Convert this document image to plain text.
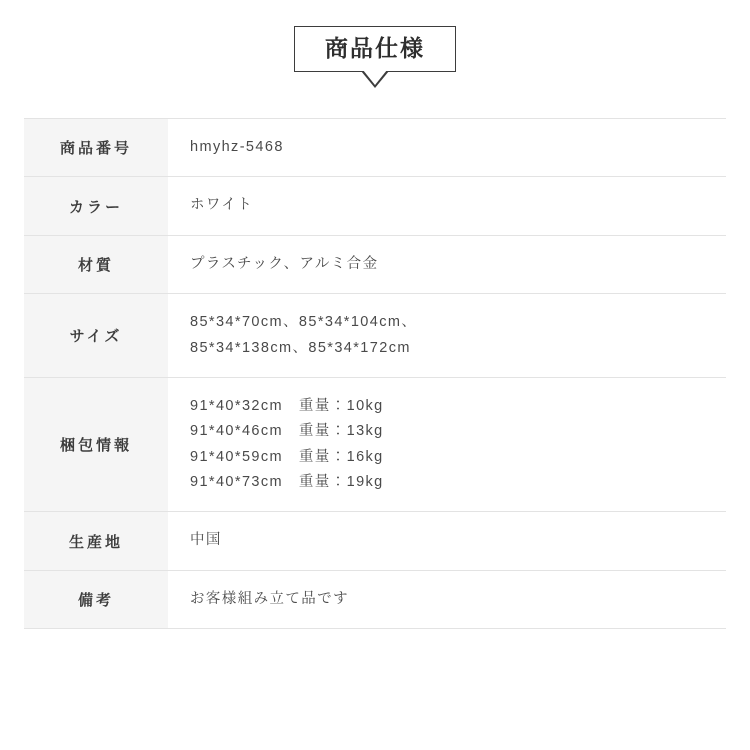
商品仕様
商品番号	hmyhz-5468

カラー	ホワイト

材質	プラスチック、アルミ合金

サイズ	85*34*70cm、85*34*104cm、
85*34*138cm、85*34*172cm

梱包情報	91*40*32cm　重量：10kg
91*40*46cm　重量：13kg
91*40*59cm　重量：16kg
91*40*73cm　重量：19kg

生産地	中国

備考	お客様組み立て品です
